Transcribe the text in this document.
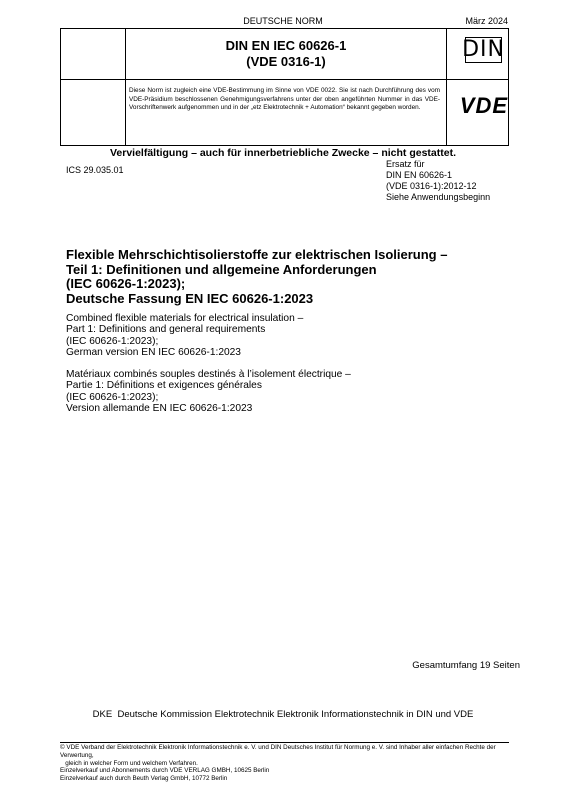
DEUTSCHE NORM	März 2024
DIN EN IEC 60626-1
(VDE 0316-1)	DIN
Diese Norm ist zugleich eine VDE-Bestimmung im Sinne von VDE 0022. Sie ist nach Durchführung des vom VDE-Präsidium beschlossenen Genehmigungsverfahrens unter der oben angeführten Nummer in das VDE-Vorschriftenwerk aufgenommen und in der „etz Elektrotechnik + Automation“ bekannt gegeben worden.	VDE
Vervielfältigung – auch für innerbetriebliche Zwecke – nicht gestattet.
ICS 29.035.01
Ersatz für
DIN EN 60626-1
(VDE 0316-1):2012-12
Siehe Anwendungsbeginn
Flexible Mehrschichtisolierstoffe zur elektrischen Isolierung –
Teil 1: Definitionen und allgemeine Anforderungen
(IEC 60626-1:2023);
Deutsche Fassung EN IEC 60626-1:2023
Combined flexible materials for electrical insulation –
Part 1: Definitions and general requirements
(IEC 60626-1:2023);
German version EN IEC 60626-1:2023
Matériaux combinés souples destinés à l’isolement électrique –
Partie 1: Définitions et exigences générales
(IEC 60626-1:2023);
Version allemande EN IEC 60626-1:2023
Gesamtumfang 19 Seiten
DKE  Deutsche Kommission Elektrotechnik Elektronik Informationstechnik in DIN und VDE
© VDE Verband der Elektrotechnik Elektronik Informationstechnik e. V. und DIN Deutsches Institut für Normung e. V. sind Inhaber aller einfachen Rechte der Verwertung,
gleich in welcher Form und welchem Verfahren.
Einzelverkauf und Abonnements durch VDE VERLAG GMBH, 10625 Berlin
Einzelverkauf auch durch Beuth Verlag GmbH, 10772 Berlin
